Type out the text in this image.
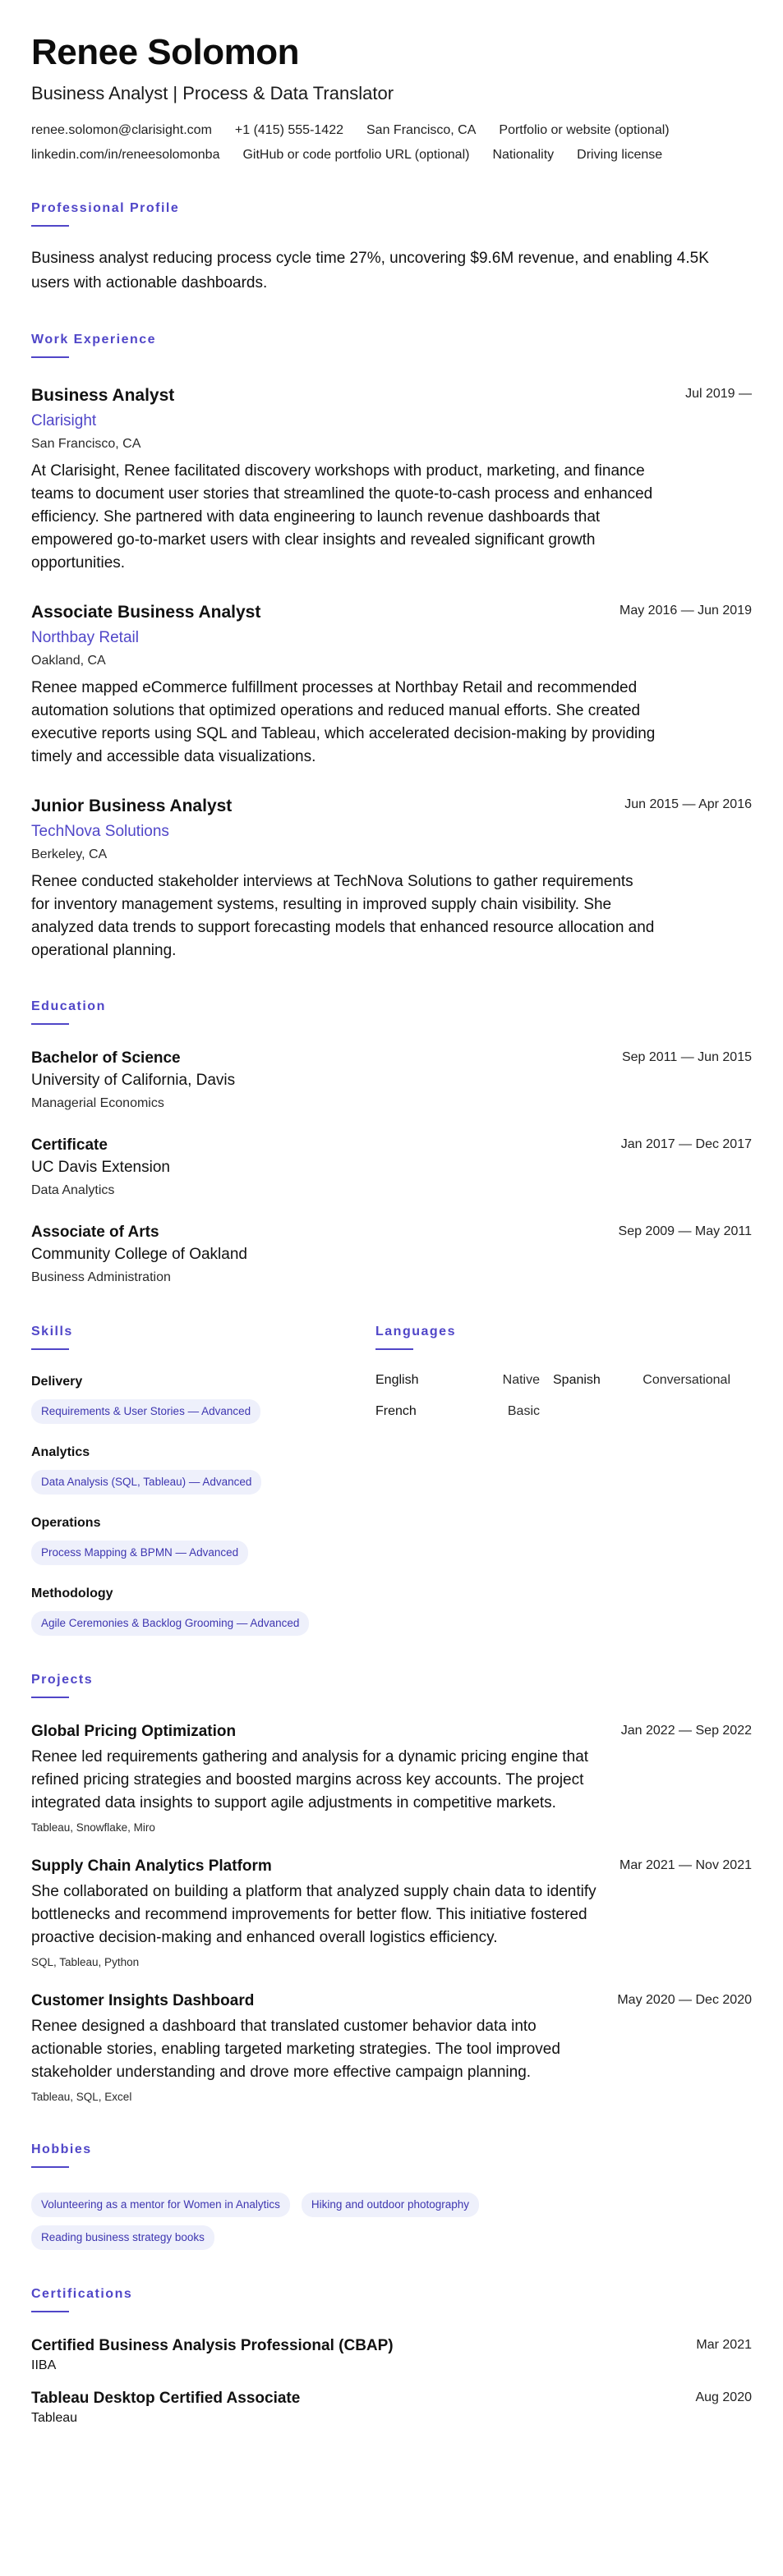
Renee Solomon
Business Analyst | Process & Data Translator
renee.solomon@clarisight.com +1 (415) 555-1422 San Francisco, CA Portfolio or website (optional)
linkedin.com/in/reneesolomonba GitHub or code portfolio URL (optional) Nationality Driving license
Professional Profile

Business analyst reducing process cycle time 27%, uncovering $9.6M revenue, and enabling 4.5K users with actionable dashboards.

Work Experience
Business Analyst	Jul 2019 —
Clarisight
San Francisco, CA

At Clarisight, Renee facilitated discovery workshops with product, marketing, and finance teams to document user stories that streamlined the quote-to-cash process and enhanced efficiency. She partnered with data engineering to launch revenue dashboards that empowered go-to-market users with clear insights and revealed significant growth opportunities.

Associate Business Analyst	May 2016 — Jun 2019
Northbay Retail
Oakland, CA

Renee mapped eCommerce fulfillment processes at Northbay Retail and recommended automation solutions that optimized operations and reduced manual efforts. She created executive reports using SQL and Tableau, which accelerated decision-making by providing timely and accessible data visualizations.

Junior Business Analyst	Jun 2015 — Apr 2016
TechNova Solutions
Berkeley, CA

Renee conducted stakeholder interviews at TechNova Solutions to gather requirements for inventory management systems, resulting in improved supply chain visibility. She analyzed data trends to support forecasting models that enhanced resource allocation and operational planning.

Education
Bachelor of Science	Sep 2011 — Jun 2015
University of California, Davis
Managerial Economics
Certificate	Jan 2017 — Dec 2017
UC Davis Extension
Data Analytics
Associate of Arts	Sep 2009 — May 2011
Community College of Oakland
Business Administration
Skills
Delivery
Requirements & User Stories — Advanced
Analytics
Data Analysis (SQL, Tableau) — Advanced
Operations
Process Mapping & BPMN — Advanced
Methodology
Agile Ceremonies & Backlog Grooming — Advanced
Languages
English	Native Spanish	Conversational
French	Basic
Projects
Global Pricing Optimization	Jan 2022 — Sep 2022

Renee led requirements gathering and analysis for a dynamic pricing engine that refined pricing strategies and boosted margins across key accounts. The project integrated data insights to support agile adjustments in competitive markets.

Tableau, Snowflake, Miro
Supply Chain Analytics Platform	Mar 2021 — Nov 2021

She collaborated on building a platform that analyzed supply chain data to identify bottlenecks and recommend improvements for better flow. This initiative fostered proactive decision-making and enhanced overall logistics efficiency.

SQL, Tableau, Python
Customer Insights Dashboard	May 2020 — Dec 2020

Renee designed a dashboard that translated customer behavior data into actionable stories, enabling targeted marketing strategies. The tool improved stakeholder understanding and drove more effective campaign planning.

Tableau, SQL, Excel
Hobbies
Volunteering as a mentor for Women in Analytics	Hiking and outdoor photography
Reading business strategy books
Certifications
Certified Business Analysis Professional (CBAP)	Mar 2021
IIBA
Tableau Desktop Certified Associate	Aug 2020
Tableau
